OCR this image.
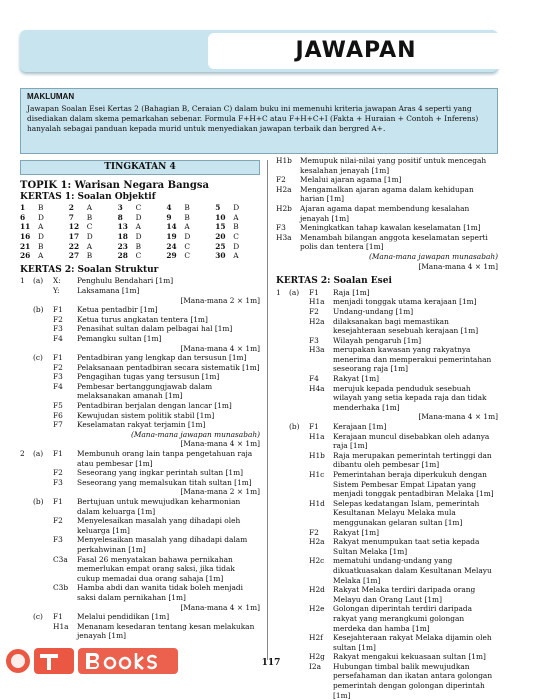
JAWAPAN
MAKLUMAN
Jawapan Soalan Esei Kertas 2 (Bahagian B, Ceraian C) dalam buku ini memenuhi kriteria jawapan Aras 4 seperti yang disediakan dalam skema pemarkahan sebenar. Formula F+H+C atau F+H+C+I (Fakta + Huraian + Contoh + Inferens) hanyalah sebagai panduan kepada murid untuk menyediakan jawapan terbaik dan bergred A+.
TINGKATAN 4
TOPIK 1: Warisan Negara Bangsa
KERTAS 1: Soalan Objektif
1	B	2	A	3	C	4	B	5	D
6	D	7	B	8	D	9	B	10	A
11	A	12	C	13	A	14	A	15	B
16	D	17	D	18	D	19	D	20	C
21	B	22	A	23	B	24	C	25	D
26	A	27	B	28	C	29	C	30	A
KERTAS 2: Soalan Struktur
1	(a)	X:	Penghulu Bendahari [1m]
Y:	Laksamana [1m]
[Mana-mana 2 × 1m]
(b)	F1	Ketua pentadbir [1m]
F2	Ketua turus angkatan tentera [1m]
F3	Penasihat sultan dalam pelbagai hal [1m]
F4	Pemangku sultan [1m]
[Mana-mana 4 × 1m]
(c)	F1	Pentadbiran yang lengkap dan tersusun [1m]
F2	Pelaksanaan pentadbiran secara sistematik [1m]
F3	Pengagihan tugas yang tersusun [1m]
F4	Pembesar bertanggungjawab dalam melaksanakan amanah [1m]
F5	Pentadbiran berjalan dengan lancar [1m]
F6	Kewujudan sistem politik stabil [1m]
F7	Keselamatan rakyat terjamin [1m]
(Mana-mana jawapan munasabah)
[Mana-mana 4 × 1m]
2	(a)	F1	Membunuh orang lain tanpa pengetahuan raja atau pembesar [1m]
F2	Seseorang yang ingkar perintah sultan [1m]
F3	Seseorang yang memalsukan titah sultan [1m]
[Mana-mana 2 × 1m]
(b)	F1	Bertujuan untuk mewujudkan keharmonian dalam keluarga [1m]
F2	Menyelesaikan masalah yang dihadapi oleh keluarga [1m]
F3	Menyelesaikan masalah yang dihadapi dalam perkahwinan [1m]
C3a	Fasal 26 menyatakan bahawa pernikahan memerlukan empat orang saksi, jika tidak cukup memadai dua orang sahaja [1m]
C3b	Hamba abdi dan wanita tidak boleh menjadi saksi dalam pernikahan [1m]
[Mana-mana 4 × 1m]
(c)	F1	Melalui pendidikan [1m]
H1a	Menanam kesedaran tentang kesan melakukan jenayah [1m]
H1b	Memupuk nilai-nilai yang positif untuk mencegah kesalahan jenayah [1m]
F2	Melalui ajaran agama [1m]
H2a	Mengamalkan ajaran agama dalam kehidupan harian [1m]
H2b	Ajaran agama dapat membendung kesalahan jenayah [1m]
F3	Meningkatkan tahap kawalan keselamatan [1m]
H3a	Menambah bilangan anggota keselamatan seperti polis dan tentera [1m]
(Mana-mana jawapan munasabah)
[Mana-mana 4 × 1m]
KERTAS 2: Soalan Esei
1	(a)	F1	Raja [1m]
H1a	menjadi tonggak utama kerajaan [1m]
F2	Undang-undang [1m]
H2a	dilaksanakan bagi memastikan kesejahteraan sesebuah kerajaan [1m]
F3	Wilayah pengaruh [1m]
H3a	merupakan kawasan yang rakyatnya menerima dan memperakui pemerintahan seseorang raja [1m]
F4	Rakyat [1m]
H4a	merujuk kepada penduduk sesebuah wilayah yang setia kepada raja dan tidak menderhaka [1m]
[Mana-mana 4 × 1m]
(b)	F1	Kerajaan [1m]
H1a	Kerajaan muncul disebabkan oleh adanya raja [1m]
H1b	Raja merupakan pemerintah tertinggi dan dibantu oleh pembesar [1m]
H1c	Pemerintahan beraja diperkukuh dengan Sistem Pembesar Empat Lipatan yang menjadi tonggak pentadbiran Melaka [1m]
H1d	Selepas kedatangan Islam, pemerintah Kesultanan Melayu Melaka mula menggunakan gelaran sultan [1m]
F2	Rakyat [1m]
H2a	Rakyat menumpukan taat setia kepada Sultan Melaka [1m]
H2c	mematuhi undang-undang yang dikuatkuasakan dalam Kesultanan Melayu Melaka [1m]
H2d	Rakyat Melaka terdiri daripada orang Melayu dan Orang Laut [1m]
H2e	Golongan diperintah terdiri daripada rakyat yang merangkumi golongan merdeka dan hamba [1m]
H2f	Kesejahteraan rakyat Melaka dijamin oleh sultan [1m]
H2g	Rakyat mengakui kekuasaan sultan [1m]
I2a	Hubungan timbal balik mewujudkan persefahaman dan ikatan antara golongan pemerintah dengan golongan diperintah [1m]
117
